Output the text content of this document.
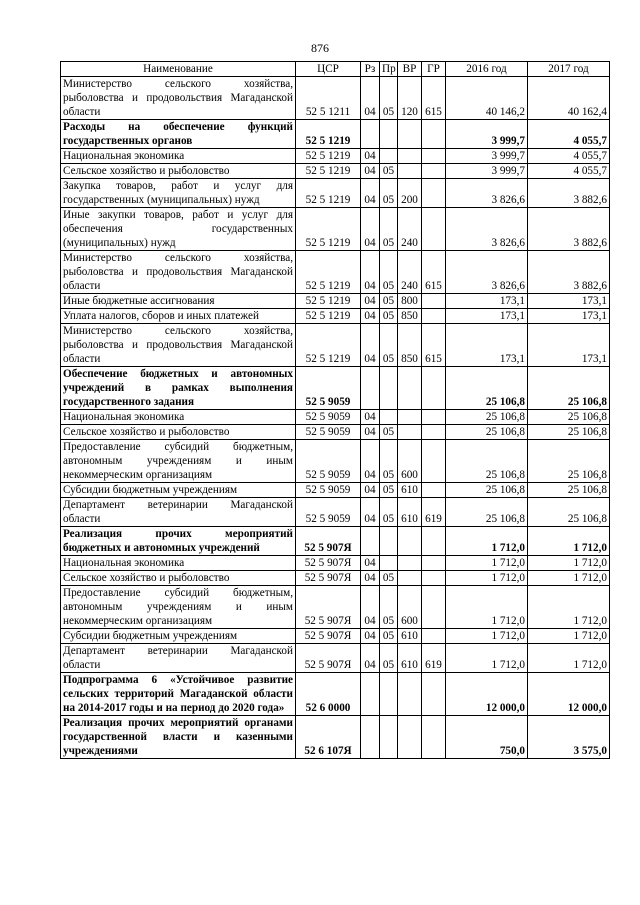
876
Наименование	ЦСР	Рз	Пр	ВР	ГР	2016 год	2017 год
Министерство сельского хозяйства, рыболовства и продовольствия Магаданской области	52 5 1211	04	05	120	615	40 146,2	40 162,4
Расходы на обеспечение функций государственных органов	52 5 1219					3 999,7	4 055,7
Национальная экономика	52 5 1219	04				3 999,7	4 055,7
Сельское хозяйство и рыболовство	52 5 1219	04	05			3 999,7	4 055,7
Закупка товаров, работ и услуг для государственных (муниципальных) нужд	52 5 1219	04	05	200		3 826,6	3 882,6
Иные закупки товаров, работ и услуг для обеспечения государственных (муниципальных) нужд	52 5 1219	04	05	240		3 826,6	3 882,6
Министерство сельского хозяйства, рыболовства и продовольствия Магаданской области	52 5 1219	04	05	240	615	3 826,6	3 882,6
Иные бюджетные ассигнования	52 5 1219	04	05	800		173,1	173,1
Уплата налогов, сборов и иных платежей	52 5 1219	04	05	850		173,1	173,1
Министерство сельского хозяйства, рыболовства и продовольствия Магаданской области	52 5 1219	04	05	850	615	173,1	173,1
Обеспечение бюджетных и автономных учреждений в рамках выполнения государственного задания	52 5 9059					25 106,8	25 106,8
Национальная экономика	52 5 9059	04				25 106,8	25 106,8
Сельское хозяйство и рыболовство	52 5 9059	04	05			25 106,8	25 106,8
Предоставление субсидий бюджетным, автономным учреждениям и иным некоммерческим организациям	52 5 9059	04	05	600		25 106,8	25 106,8
Субсидии бюджетным учреждениям	52 5 9059	04	05	610		25 106,8	25 106,8
Департамент ветеринарии Магаданской области	52 5 9059	04	05	610	619	25 106,8	25 106,8
Реализация прочих мероприятий бюджетных и автономных учреждений	52 5 907Я					1 712,0	1 712,0
Национальная экономика	52 5 907Я	04				1 712,0	1 712,0
Сельское хозяйство и рыболовство	52 5 907Я	04	05			1 712,0	1 712,0
Предоставление субсидий бюджетным, автономным учреждениям и иным некоммерческим организациям	52 5 907Я	04	05	600		1 712,0	1 712,0
Субсидии бюджетным учреждениям	52 5 907Я	04	05	610		1 712,0	1 712,0
Департамент ветеринарии Магаданской области	52 5 907Я	04	05	610	619	1 712,0	1 712,0
Подпрограмма 6 «Устойчивое развитие сельских территорий Магаданской области на 2014-2017 годы и на период до 2020 года»	52 6 0000					12 000,0	12 000,0
Реализация прочих мероприятий органами государственной власти и казенными учреждениями	52 6 107Я					750,0	3 575,0
